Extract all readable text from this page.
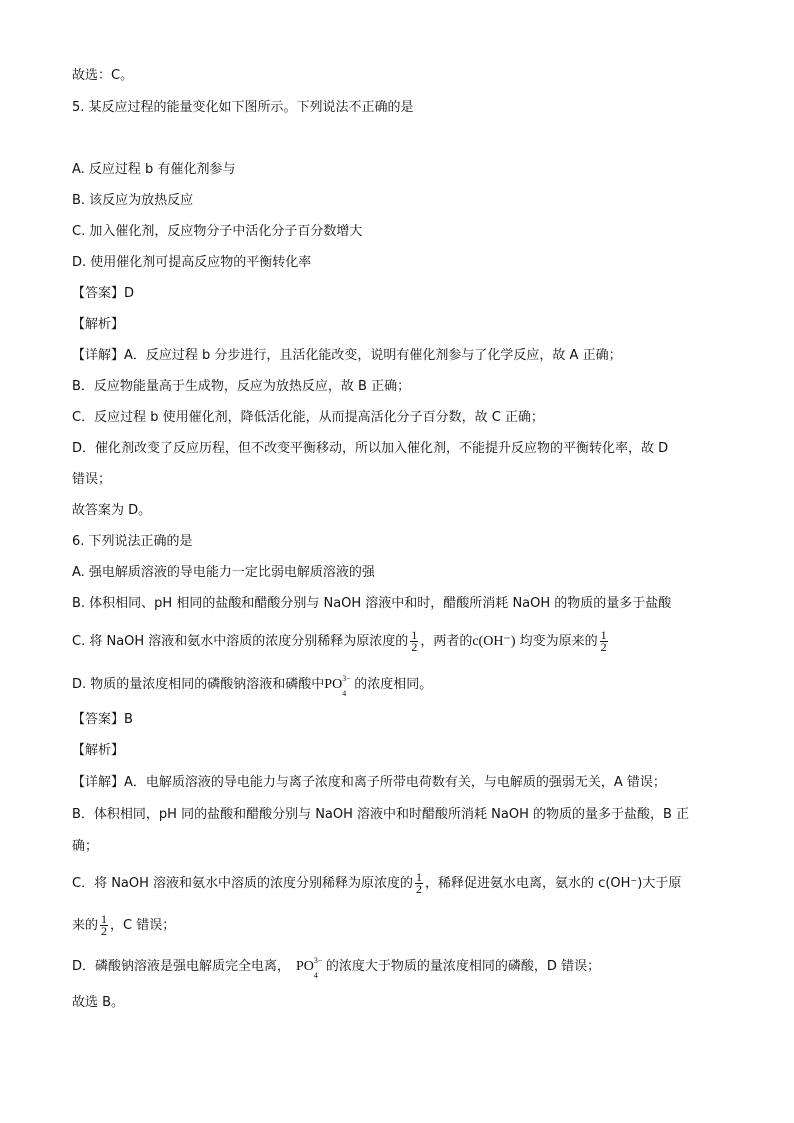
故选：C。
5. 某反应过程的能量变化如下图所示。下列说法不正确的是
A. 反应过程 b 有催化剂参与
B. 该反应为放热反应
C. 加入催化剂，反应物分子中活化分子百分数增大
D. 使用催化剂可提高反应物的平衡转化率
【答案】D
【解析】
【详解】A．反应过程 b 分步进行，且活化能改变，说明有催化剂参与了化学反应，故 A 正确；
B．反应物能量高于生成物，反应为放热反应，故 B 正确；
C．反应过程 b 使用催化剂，降低活化能，从而提高活化分子百分数，故 C 正确；
D．催化剂改变了反应历程，但不改变平衡移动，所以加入催化剂，不能提升反应物的平衡转化率，故 D
错误；
故答案为 D。
6. 下列说法正确的是
A. 强电解质溶液的导电能力一定比弱电解质溶液的强
B. 体积相同、pH 相同的盐酸和醋酸分别与 NaOH 溶液中和时，醋酸所消耗 NaOH 的物质的量多于盐酸
C. 将 NaOH 溶液和氨水中溶质的浓度分别稀释为原浓度的 $\frac{1}{2}$ ，两者的c(OH⁻) 均变为原来的 $\frac{1}{2}$
D. 物质的量浓度相同的磷酸钠溶液和磷酸中PO 3−
4
的浓度相同。
【答案】B
【解析】
【详解】A．电解质溶液的导电能力与离子浓度和离子所带电荷数有关，与电解质的强弱无关，A 错误；
B．体积相同，pH 同的盐酸和醋酸分别与 NaOH 溶液中和时醋酸所消耗 NaOH 的物质的量多于盐酸，B 正
确；
C．将 NaOH 溶液和氨水中溶质的浓度分别稀释为原浓度的 $\frac{1}{2}$ ，稀释促进氨水电离，氨水的 c(OH⁻)大于原
来的 $\frac{1}{2}$ ，C 错误；
D．磷酸钠溶液是强电解质完全电离， PO 3−
4
的浓度大于物质的量浓度相同的磷酸，D 错误；
故选 B。
